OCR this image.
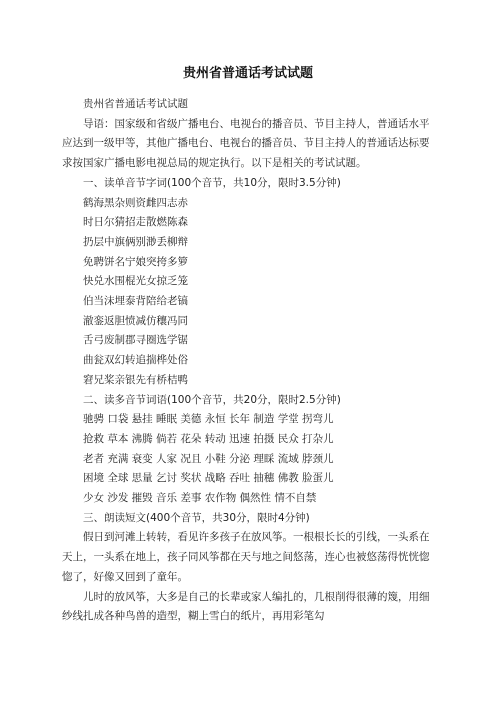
贵州省普通话考试试题

贵州省普通话考试试题

导语：国家级和省级广播电台、电视台的播音员、节目主持人，普通话水平应达到一级甲等，其他广播电台、电视台的播音员、节目主持人的普通话达标要求按国家广播电影电视总局的规定执行。以下是相关的考试试题。

一、读单音节字词(100个音节，共10分，限时3.5分钟)

鹤海黑杂则资雌四志赤
时日尔猜招走散燃陈森
扔层中旗俩别渺丢柳辩
免聘饼名宁娘突挎多箩
快兑水围棍光女掠乏笼
伯当沫埋泰背陪给老镐
澈銮返胆愤减仿穰冯同
舌弓废制郡寻圈选学锯
曲瓮双幻转追揣桦处俗
窘兄桨亲银先有桥桔鸭

二、读多音节词语(100个音节，共20分，限时2.5分钟)

驰骋 口袋 悬挂 睡眠 美德 永恒 长年 制造 学堂 拐弯儿
抢救 草本 沸腾 倘若 花朵 转动 迅速 拍摄 民众 打杂儿
老者 充满 衰变 人家 况且 小鞋 分泌 理睬 流域 脖颈儿
困境 全球 思量 乞讨 奖状 战略 吞吐 抽穗 佛教 脸蛋儿
少女 沙发 摧毁 音乐 差事 农作物 偶然性 情不自禁

三、朗读短文(400个音节，共30分，限时4分钟)

假日到河滩上转转，看见许多孩子在放风筝。一根根长长的引线，一头系在天上，一头系在地上，孩子同风筝都在天与地之间悠荡，连心也被悠荡得恍恍惚惚了，好像又回到了童年。

儿时的放风筝，大多是自己的长辈或家人编扎的，几根削得很薄的篾，用细纱线扎成各种鸟兽的造型，糊上雪白的纸片，再用彩笔勾
